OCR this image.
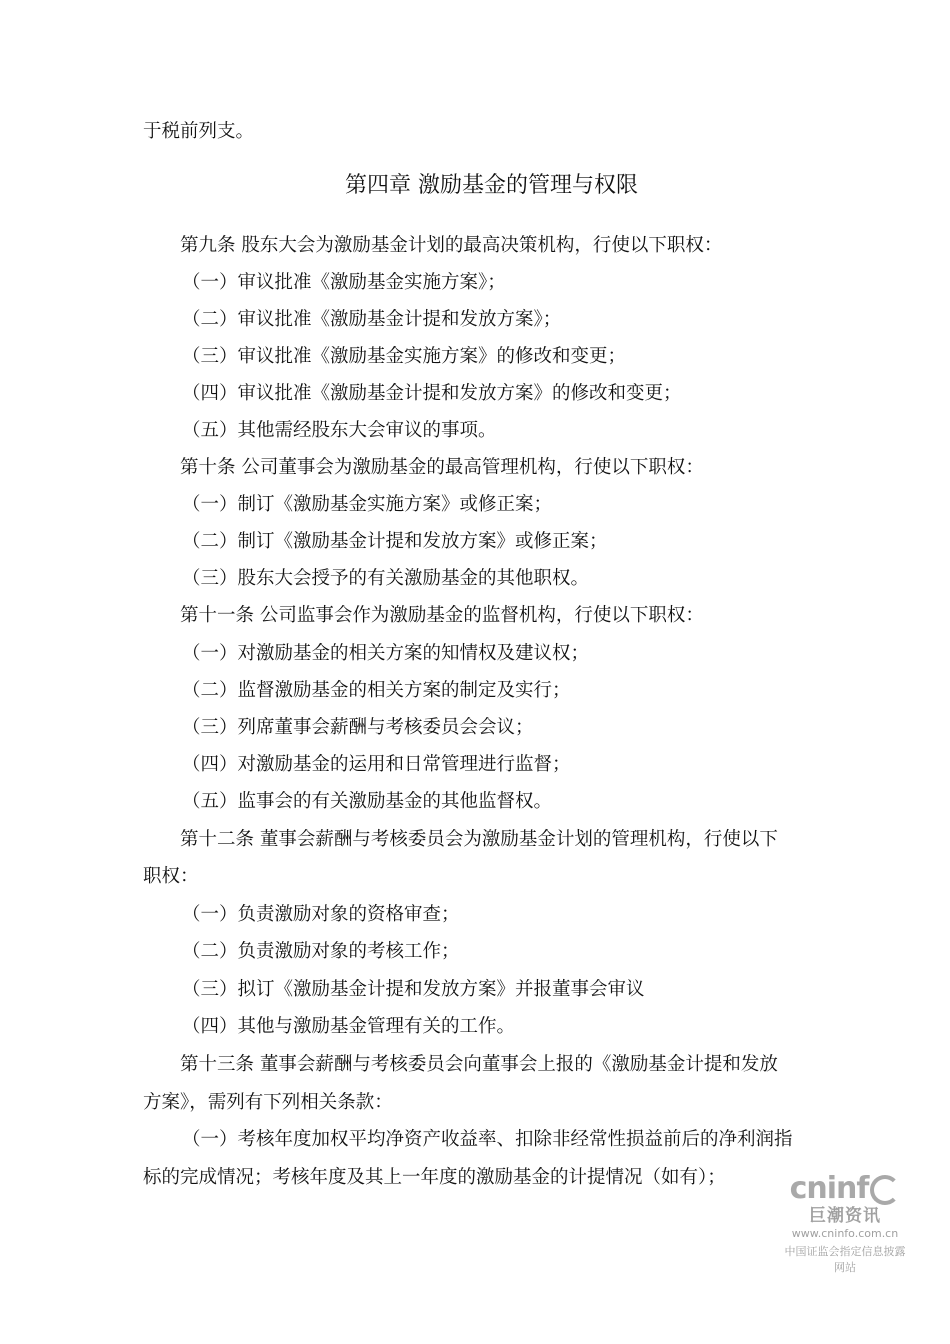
于税前列支。
第四章 激励基金的管理与权限
第九条 股东大会为激励基金计划的最高决策机构，行使以下职权：
（一）审议批准《激励基金实施方案》；
（二）审议批准《激励基金计提和发放方案》；
（三）审议批准《激励基金实施方案》的修改和变更；
（四）审议批准《激励基金计提和发放方案》的修改和变更；
（五）其他需经股东大会审议的事项。
第十条 公司董事会为激励基金的最高管理机构，行使以下职权：
（一）制订《激励基金实施方案》或修正案；
（二）制订《激励基金计提和发放方案》或修正案；
（三）股东大会授予的有关激励基金的其他职权。
第十一条 公司监事会作为激励基金的监督机构，行使以下职权：
（一）对激励基金的相关方案的知情权及建议权；
（二）监督激励基金的相关方案的制定及实行；
（三）列席董事会薪酬与考核委员会会议；
（四）对激励基金的运用和日常管理进行监督；
（五）监事会的有关激励基金的其他监督权。
第十二条 董事会薪酬与考核委员会为激励基金计划的管理机构，行使以下
职权：
（一）负责激励对象的资格审查；
（二）负责激励对象的考核工作；
（三）拟订《激励基金计提和发放方案》并报董事会审议
（四）其他与激励基金管理有关的工作。
第十三条 董事会薪酬与考核委员会向董事会上报的《激励基金计提和发放
方案》，需列有下列相关条款：
（一）考核年度加权平均净资产收益率、扣除非经常性损益前后的净利润指
标的完成情况；考核年度及其上一年度的激励基金的计提情况（如有）；	cninf
巨潮资讯
www.cninfo.com.cn
中国证监会指定信息披露网站
